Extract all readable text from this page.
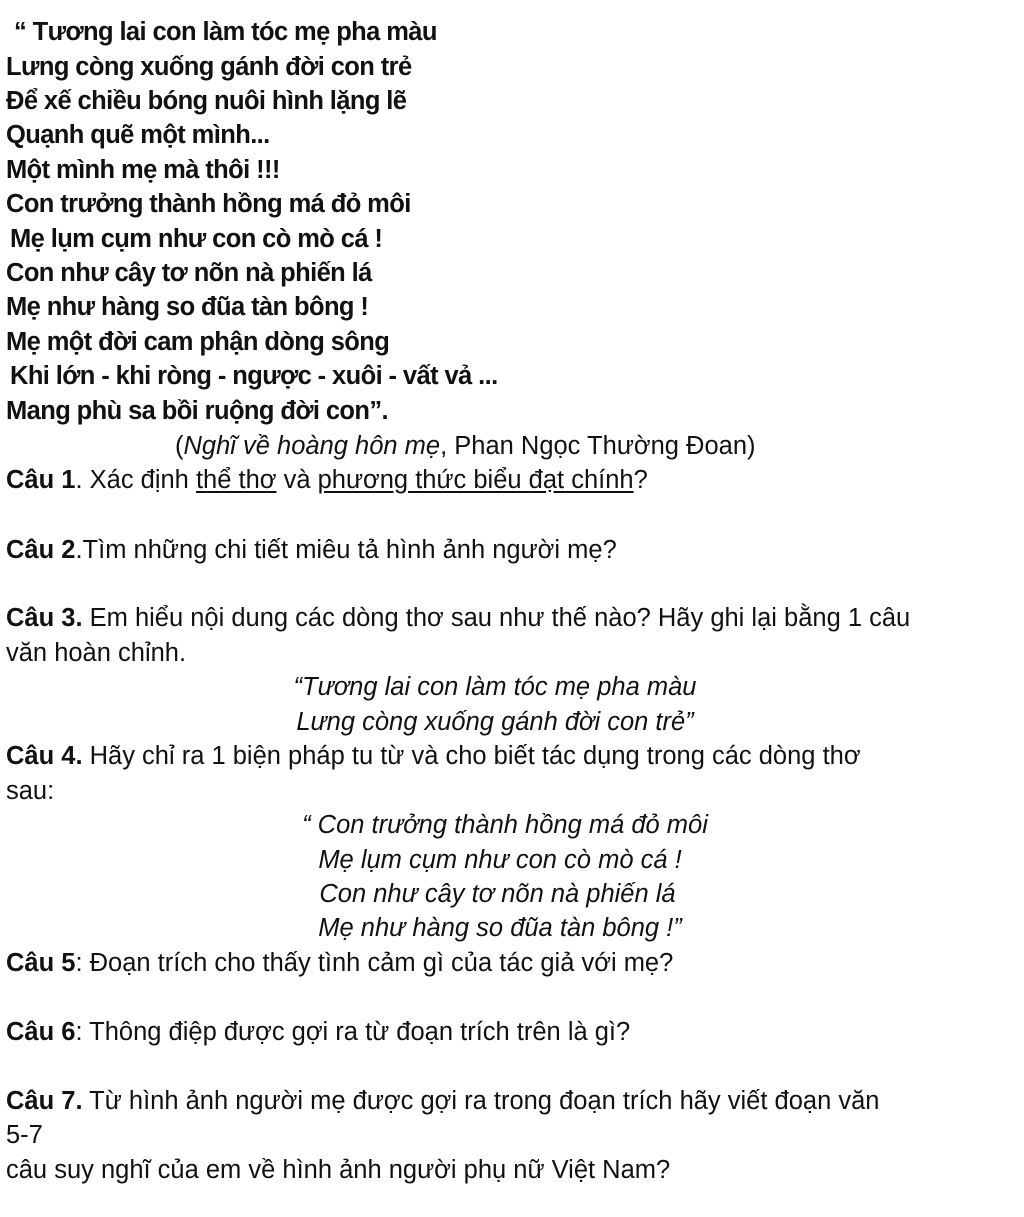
“ Tương lai con làm tóc mẹ pha màu
Lưng còng xuống gánh đời con trẻ
Để xế chiều bóng nuôi hình lặng lẽ
Quạnh quẽ một mình...
Một mình mẹ mà thôi !!!
Con trưởng thành hồng má đỏ môi
Mẹ lụm cụm như con cò mò cá !
Con như cây tơ nõn nà phiến lá
Mẹ như hàng so đũa tàn bông !
Mẹ một đời cam phận dòng sông
Khi lớn - khi ròng - ngược - xuôi - vất vả ...
Mang phù sa bồi ruộng đời con”.
(Nghĩ về hoàng hôn mẹ, Phan Ngọc Thường Đoan)
Câu 1. Xác định thể thơ và phương thức biểu đạt chính?
Câu 2.Tìm những chi tiết miêu tả hình ảnh người mẹ?
Câu 3. Em hiểu nội dung các dòng thơ sau như thế nào? Hãy ghi lại bằng 1 câu
văn hoàn chỉnh.
“Tương lai con làm tóc mẹ pha màu
Lưng còng xuống gánh đời con trẻ”
Câu 4. Hãy chỉ ra 1 biện pháp tu từ và cho biết tác dụng trong các dòng thơ
sau:
“ Con trưởng thành hồng má đỏ môi
Mẹ lụm cụm như con cò mò cá !
Con như cây tơ nõn nà phiến lá
Mẹ như hàng so đũa tàn bông !”
Câu 5: Đoạn trích cho thấy tình cảm gì của tác giả với mẹ?
Câu 6: Thông điệp được gợi ra từ đoạn trích trên là gì?
Câu 7. Từ hình ảnh người mẹ được gợi ra trong đoạn trích hãy viết đoạn văn
5-7
câu suy nghĩ của em về hình ảnh người phụ nữ Việt Nam?
